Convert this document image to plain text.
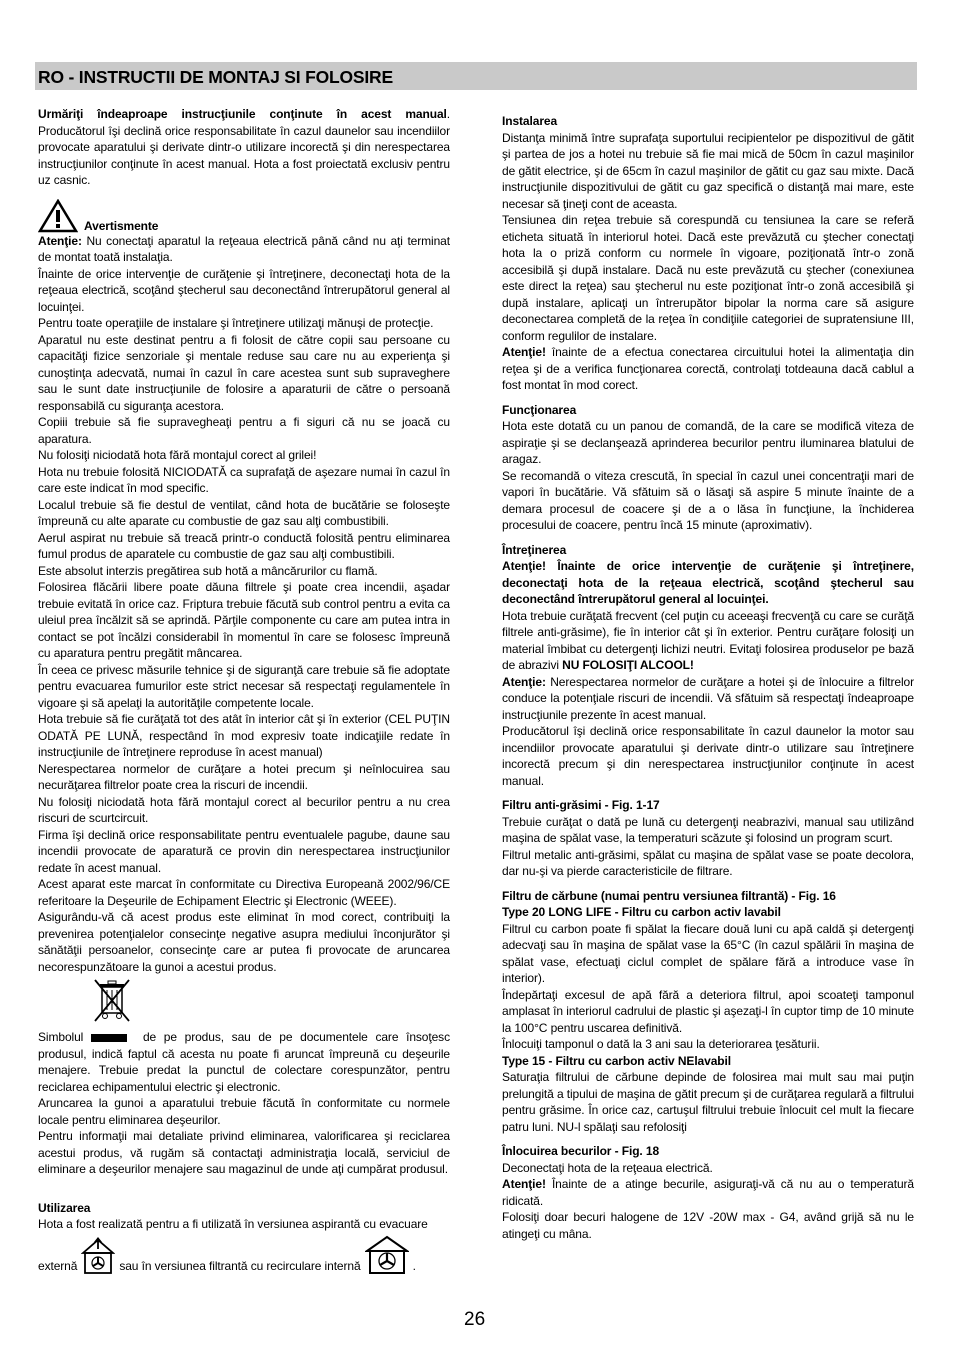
RO - INSTRUCTII DE MONTAJ SI FOLOSIRE

Urmăriţi îndeaproape instrucţiunile conţinute în acest manual. Producătorul îşi declină orice responsabilitate în cazul daunelor sau incendiilor provocate aparatului şi derivate dintr-o utilizare incorectă şi din nerespectarea instrucţiunilor conţinute în acest manual. Hota a fost proiectată exclusiv pentru uz casnic.

Avertismente

Atenţie: Nu conectaţi aparatul la reţeaua electrică până când nu aţi terminat de montat toată instalaţia.

Înainte de orice intervenţie de curăţenie şi întreţinere, deconectaţi hota de la reţeaua electrică, scoţând ştecherul sau deconectând întrerupătorul general al locuinţei.

Pentru toate operaţiile de instalare şi întreţinere utilizaţi mănuşi de protecţie.

Aparatul nu este destinat pentru a fi folosit de către copii sau persoane cu capacităţi fizice senzoriale şi mentale reduse sau care nu au experienţa şi cunoştinţa adecvată, numai în cazul în care acestea sunt sub supraveghere sau le sunt date instrucţiunile de folosire a aparaturii de către o persoană responsabilă cu siguranţa acestora.

Copiii trebuie să fie supravegheaţi pentru a fi siguri că nu se joacă cu aparatura.

Nu folosiţi niciodată hota fără montajul corect al grilei!

Hota nu trebuie folosită NICIODATĂ ca suprafaţă de aşezare numai în cazul în care este indicat în mod specific.

Localul trebuie să fie destul de ventilat, când hota de bucătărie se foloseşte împreună cu alte aparate cu combustie de gaz sau alţi combustibili.

Aerul aspirat nu trebuie să treacă printr-o conductă folosită pentru eliminarea fumul produs de aparatele cu combustie de gaz sau alţi combustibili.

Este absolut interzis pregătirea sub hotă a mâncărurilor cu flamă.

Folosirea flăcării libere poate dăuna filtrele şi poate crea incendii, aşadar trebuie evitată în orice caz. Friptura trebuie făcută sub control pentru a evita ca uleiul prea încălzit să se aprindă. Părţile componente cu care am putea intra in contact se pot încălzi considerabil în momentul în care se folosesc împreună cu aparatura pentru pregătit mâncarea.

În ceea ce privesc măsurile tehnice şi de siguranţă care trebuie să fie adoptate pentru evacuarea fumurilor este strict necesar să respectaţi regulamentele în vigoare şi să apelaţi la autorităţile competente locale.

Hota trebuie să fie curăţată tot des atât în interior cât şi în exterior (CEL PUŢIN ODATĂ PE LUNĂ, respectând în mod expresiv toate indicaţiile redate în instrucţiunile de întreţinere reproduse în acest manual)

Nerespectarea normelor de curăţare a hotei precum şi neînlocuirea sau necurăţarea filtrelor poate crea la riscuri de incendii.

Nu folosiţi niciodată hota fără montajul corect al becurilor pentru a nu crea riscuri de scurtcircuit.

Firma îşi declină orice responsabilitate pentru eventualele pagube, daune sau incendii provocate de aparatură ce provin din nerespectarea instrucţiunilor redate în acest manual.

Acest aparat este marcat în conformitate cu Directiva Europeană 2002/96/CE referitoare la Deşeurile de Echipament Electric şi Electronic (WEEE).

Asigurându-vă că acest produs este eliminat în mod corect, contribuiţi la prevenirea potenţialelor consecinţe negative asupra mediului înconjurător şi sănătăţii persoanelor, consecinţe care ar putea fi provocate de aruncarea necorespunzătoare la gunoi a acestui produs.

Simbolul	de pe produs, sau de pe documentele care însoţesc produsul, indică faptul că acesta nu poate fi aruncat împreună cu deşeurile menajere. Trebuie predat la punctul de colectare corespunzător, pentru reciclarea echipamentului electric şi electronic.

Aruncarea la gunoi a aparatului trebuie făcută în conformitate cu normele locale pentru eliminarea deşeurilor.

Pentru informaţii mai detaliate privind eliminarea, valorificarea şi reciclarea acestui produs, vă rugăm să contactaţi administraţia locală, serviciul de eliminare a deşeurilor menajere sau magazinul de unde aţi cumpărat produsul.

Utilizarea

Hota a fost realizată pentru a fi utilizată în versiunea aspirantă cu evacuare

externă	sau în versiunea filtrantă cu recirculare internă	.

Instalarea

Distanţa minimă între suprafaţa suportului recipientelor pe dispozitivul de gătit şi partea de jos a hotei nu trebuie să fie mai mică de 50cm în cazul maşinilor de gătit electrice, şi de 65cm în cazul maşinilor de gătit cu gaz sau mixte. Dacă instrucţiunile dispozitivului de gătit cu gaz specifică o distanţă mai mare, este necesar să ţineţi cont de aceasta.

Tensiunea din reţea trebuie să corespundă cu tensiunea la care se referă eticheta situată în interiorul hotei. Dacă este prevăzută cu ştecher conectaţi hota la o priză conform cu normele în vigoare, poziţionată într-o zonă accesibilă şi după instalare. Dacă nu este prevăzută cu ştecher (conexiunea este direct la reţea) sau ştecherul nu este poziţionat într-o zonă accesibilă şi după instalare, aplicaţi un întrerupător bipolar la norma care să asigure deconectarea completă de la reţea în condiţiile categoriei de supratensiune III, conform regulilor de instalare.

Atenţie! înainte de a efectua conectarea circuitului hotei la alimentaţia din reţea şi de a verifica funcţionarea corectă, controlaţi totdeauna dacă cablul a fost montat în mod corect.

Funcţionarea

Hota este dotată cu un panou de comandă, de la care se modifică viteza de aspiraţie şi se declanşează aprinderea becurilor pentru iluminarea blatului de aragaz.

Se recomandă o viteza crescută, în special în cazul unei concentraţii mari de vapori în bucătărie. Vă sfătuim să o lăsaţi să aspire 5 minute înainte de a demara procesul de coacere şi de a o lăsa în funcţiune, la închiderea procesului de coacere, pentru încă 15 minute (aproximativ).

Întreţinerea

Atenţie! Înainte de orice intervenţie de curăţenie şi întreţinere, deconectaţi hota de la reţeaua electrică, scoţând ştecherul sau deconectând întrerupătorul general al locuinţei.

Hota trebuie curăţată frecvent (cel puţin cu aceeaşi frecvenţă cu care se curăţă filtrele anti-grăsime), fie în interior cât şi în exterior. Pentru curăţare folosiţi un material îmbibat cu detergenţi lichizi neutri. Evitaţi folosirea produselor pe bază de abrazivi NU FOLOSIŢI ALCOOL!

Atenţie: Nerespectarea normelor de curăţare a hotei şi de înlocuire a filtrelor conduce la potenţiale riscuri de incendii. Vă sfătuim să respectaţi îndeaproape instrucţiunile prezente în acest manual.

Producătorul îşi declină orice responsabilitate în cazul daunelor la motor sau incendiilor provocate aparatului şi derivate dintr-o utilizare sau întreţinere incorectă precum şi din nerespectarea instrucţiunilor conţinute în acest manual.

Filtru anti-grăsimi - Fig. 1-17

Trebuie curăţat o dată pe lună cu detergenţi neabrazivi, manual sau utilizând maşina de spălat vase, la temperaturi scăzute şi folosind un program scurt.

Filtrul metalic anti-grăsimi, spălat cu maşina de spălat vase se poate decolora, dar nu-şi va pierde caracteristicile de filtrare.

Filtru de cărbune (numai pentru versiunea filtrantă) - Fig. 16

Type 20 LONG LIFE - Filtru cu carbon activ lavabil

Filtrul cu carbon poate fi spălat la fiecare două luni cu apă caldă şi detergenţi adecvaţi sau în maşina de spălat vase la 65°C (în cazul spălării în maşina de spălat vase, efectuaţi ciclul complet de spălare fără a introduce vase în interior).

Îndepărtaţi excesul de apă fără a deteriora filtrul, apoi scoateţi tamponul amplasat în interiorul cadrului de plastic şi aşezaţi-l în cuptor timp de 10 minute la 100°C pentru uscarea definitivă.

Înlocuiţi tamponul o dată la 3 ani sau la deteriorarea ţesăturii.

Type 15 - Filtru cu carbon activ NElavabil

Saturaţia filtrului de cărbune depinde de folosirea mai mult sau mai puţin prelungită a tipului de maşina de gătit precum şi de curăţarea regulară a filtrului pentru grăsime. În orice caz, cartuşul filtrului trebuie înlocuit cel mult la fiecare patru luni. NU-l spălaţi sau refolosiţi

Înlocuirea becurilor - Fig. 18

Deconectaţi hota de la reţeaua electrică.

Atenţie! Înainte de a atinge becurile, asiguraţi-vă că nu au o temperatură ridicată.

Folosiţi doar becuri halogene de 12V -20W max - G4, având grijă să nu le atingeţi cu mâna.

26
